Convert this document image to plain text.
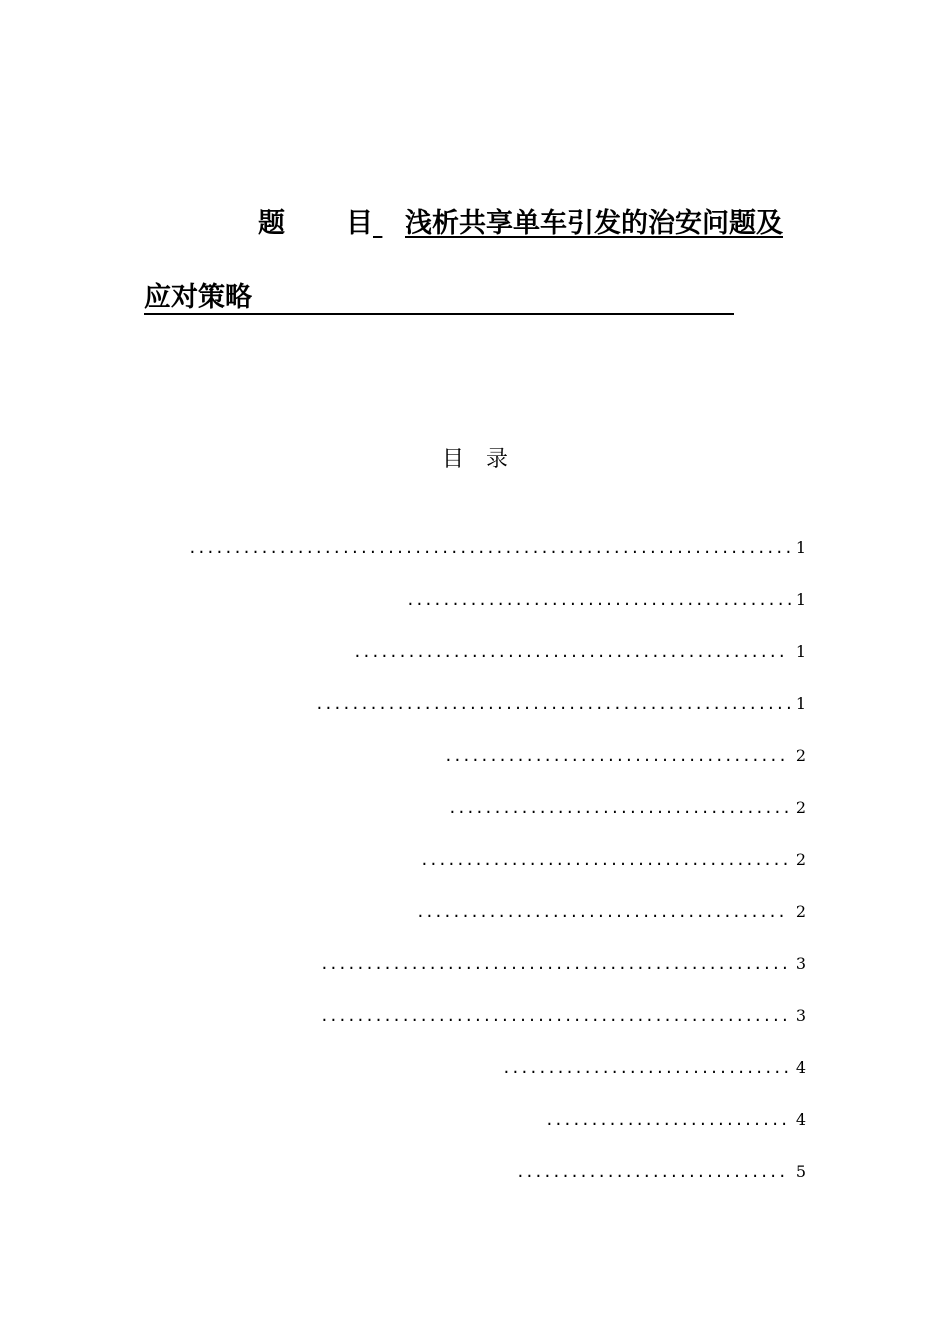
题 目 浅析共享单车引发的治安问题及
应对策略
目录
................................................................... 1
........................................... 1
................................................ 1
..................................................... 1
...................................... 2
...................................... 2
......................................... 2
......................................... 2
.................................................... 3
.................................................... 3
................................ 4
........................... 4
.............................. 5
